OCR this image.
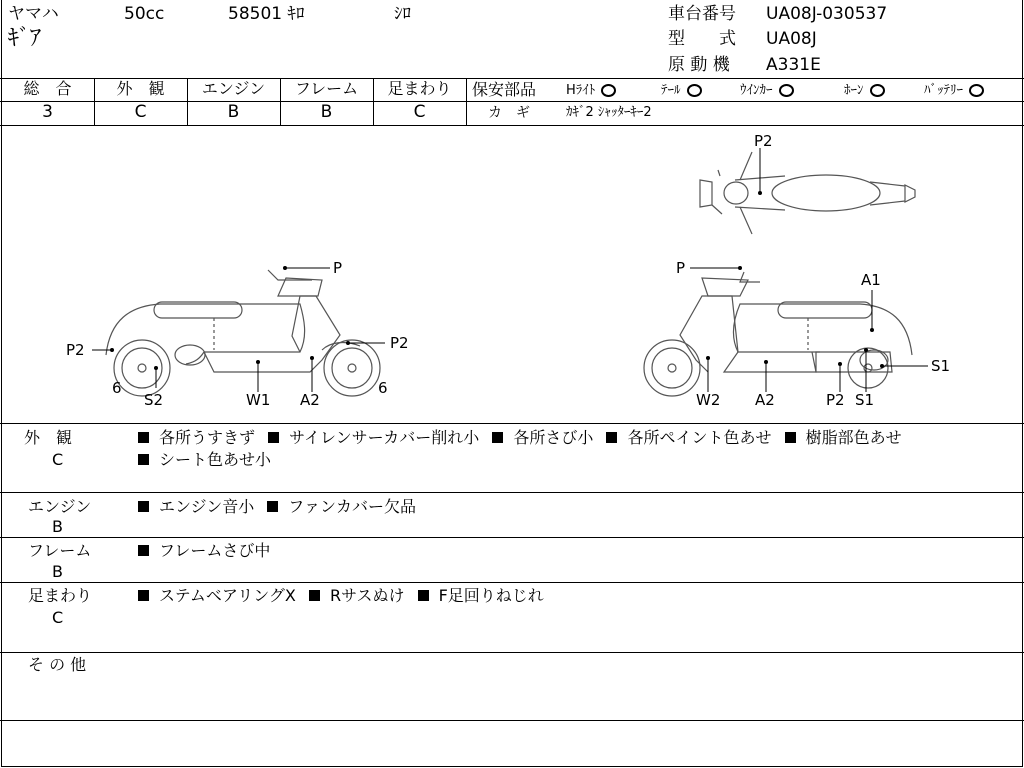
ヤマハ	50cc	58501 ｷﾛ	ｼﾛ
ｷﾞｱ
車台番号 UA08J-030537
型　　式 UA08J
原 動 機 A331E
総　合	外　観	エンジン	フレーム	足まわり
3	C	B	B	C
保安部品 Hﾗｲﾄ	ﾃｰﾙ	ｳｲﾝｶｰ	ﾎｰﾝ	ﾊﾞｯﾃﾘｰ
カ　ギ	ｶｷﾞ2 ｼｬｯﾀｰｷｰ2
P2
P
P2	P2
6	6
S2	W1 A2
P
A1
S1
W2 A2	P2 S1
外　観
C
各所うすきず サイレンサーカバー削れ小 各所さび小 各所ペイント色あせ 樹脂部色あせ
シート色あせ小
エンジン
B
エンジン音小 ファンカバー欠品
フレーム
B
フレームさび中
足まわり
C
ステムベアリングX Rサスぬけ F足回りねじれ
そ の 他
